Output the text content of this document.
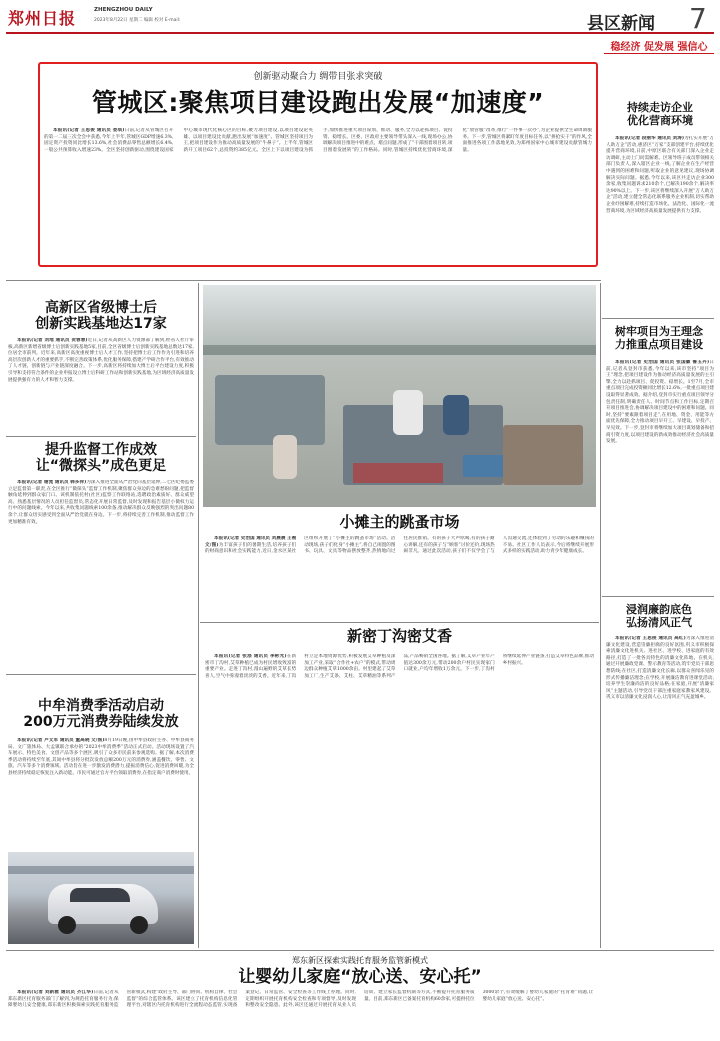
郑州日报	ZHENGZHOU DAILY
2023年8月22日 星期二 编辑 校对 E-mail:	县区新闻 7
创新驱动聚合力 绸带目张求突破
管城区:聚焦项目建设跑出发展“加速度”

本报讯(记者 王思俊 通讯员 娄琪)日前,记者从管城区召开的第一二届三次全会中获悉,今年上半年,管城区GDP增速6.3%,固定资产投资同比增长13.6%,社会消费品零售总额增长6.4%,一般公共预算收入增速23%。全区坚持创新驱动,围绕建设国家中心城市现代化核心区的目标,聚力项目建设,以项目建设论英雄、以项目建设比贡献,跑出发展“加速度”。管城区坚持项目为王,把项目建设作为推动高质量发展的“牛鼻子”。上半年,管城区新开工项目62个,总投资约385亿元。全区上下以项目建设为抓手,加快推进重大项目谋划、推动、服务,全力以赴抓项目、促投资、稳增长。区委、区政府主要领导带头深入一线,现场办公,协调解决项目推进中的难点、堵点问题,形成了“干部围着项目转,项目围着发展转”的工作格局。同时,管城区持续优化营商环境,深化“放管服”改革,推行“一件事一次办”,为企业提供全生命周期服务。下一步,管城区将紧盯年度目标任务,以“拼抢实干”的作风,全面推进各项工作落地见效,为郑州国家中心城市建设贡献管城力量。

稳经济 促发展 强信心
持续走访企业
优化营商环境

本报讯(记者 段丽华 通讯员 刘涛)为扎实开展“万人助万企”活动,惠济区“万家”支部创建平台,持续优化提升营商环境,日前,中原区联合有关部门深入企业走访调研,主动上门问需解难。区领导班子成员带领相关部门负责人,深入辖区企业一线,了解企业在生产经营中遇到的困难和问题,听取企业的意见建议,现场协调解决实际问题。据悉,今年以来,该区共走访企业300余家,收集问题诉求210余个,已解决190余个,解决率达90%以上。下一步,该区将继续深入开展“万人助万企”活动,建立健全常态化联系服务企业机制,切实帮助企业纾困解难,持续打造市场化、法治化、国际化一流营商环境,为区域经济高质量发展提供有力支撑。

高新区省级博士后
创新实践基地达17家

本报讯(记者 刘地 通讯员 贺蓉蓉)近日,记者从高新区人力资源部了解到,经省人社厅审核,高新区新增省级博士后创新实践基地5家,目前,全区省级博士后创新实践基地总数达17家,位居全市前列。近年来,高新区高度重视博士后人才工作,坚持把博士后工作作为引进和培养高层次创新人才的重要抓手,不断完善政策体系,优化服务保障,搭建产学研合作平台,有效推动了人才链、创新链与产业链深度融合。下一步,高新区将持续加大博士后平台建设力度,积极引导和支持符合条件的企业申报设立博士后科研工作站和创新实践基地,为区域经济高质量发展提供强有力的人才和智力支撑。

提升监督工作成效
让“微探头”成色更足

本报讯(记者 谢流 通讯员 韩多萍)为深入推进全面从严治党向基层延伸,二七区纪委监委立足监督第一职责,在全区推行“微探头”监督工作机制,聚焦群众身边的急难愁盼问题,把监督触角延伸到群众家门口。该机制依托村(社区)监察工作联络站,选聘政治素质好、群众威望高、熟悉基层情况的人员担任监督员,常态化开展日常监督,及时发现和报告基层小微权力运行中的问题线索。今年以来,共收集问题线索100余条,推动解决群众反映强烈的突出问题80余个,让群众切实感受到全面从严治党就在身边。下一步,将持续完善工作机制,推动监督工作更加精准有效。

中牟消费季活动启动
200万元消费券陆续发放

本报讯(记者 卢文军 通讯员 董高晓 文/图)8月19日晚,由中牟县政府主办、中牟县商务局、文广旅体局、大孟镇联合承办的“2023中牟消费季”活动正式启动。活动现场设置了汽车展示、特色美食、文创产品等多个展区,吸引了众多市民前来参观选购。据了解,本次消费季活动将持续至年底,其间中牟县将分批次发放总额200万元的消费券,涵盖餐饮、零售、文旅、汽车等多个消费领域。活动旨在进一步激发消费潜力,提振消费信心,促进消费回暖,为全县经济持续稳定恢复注入新动能。市民可通过官方平台领取消费券,在指定商户消费时使用。

小摊主的跳蚤市场

本报讯(记者 史治国 通讯员 刘晨晨 王袖 文/图)为丰富孩子们的暑期生活,培养孩子们的财商意识和社会实践能力,近日,金水区某社区组织开展了“小摊主的跳蚤市场”活动。活动现场,孩子们化身“小摊主”,将自己闲置的图书、玩具、文具等物品摆放整齐,热情地向过往居民推销。有的孩子大声吆喝,有的孩子耐心讲解,还有的孩子与“顾客”讨价还价,现场热闹非凡。通过此次活动,孩子们不仅学会了与人沟通交流,还体验到了劳动的乐趣和赚钱的不易。社区工作人员表示,今后将继续开展形式多样的实践活动,助力青少年健康成长。

新密丁沟密艾香

本报讯(记者 张涤 通讯员 李彬光)在新密市丁沟村,艾草种植已成为村民增收致富的重要产业。走进丁沟村,漫山遍野的艾草长势喜人,空气中弥漫着淡淡的艾香。近年来,丁沟村立足本地资源优势,积极发展艾草种植及深加工产业,采取“合作社+农户”的模式,带动周边群众种植艾草1000余亩。村里建起了艾草加工厂,生产艾条、艾柱、艾草精油等系列产品,产品畅销全国各地。据了解,艾草产业年产值达300余万元,带动200余户村民实现家门口就业,户均年增收1万余元。下一步,丁沟村将继续延伸产业链条,打造艾草特色品牌,推动乡村振兴。

树牢项目为王理念
力推重点项目建设

本报讯(记者 史治国 通讯员 张国徽 鲁玉卉)日前,记者从登封市获悉,今年以来,该市坚持“项目为王”理念,把项目建设作为推动经济高质量发展的主引擎,全力以赴抓项目、促投资、稳增长。1至7月,全市重点项目完成投资额同比增长12.6%,一批重点项目建设取得显著成效。据介绍,登封市实行重点项目领导分包责任制,明确责任人、时间节点和工作目标,定期召开项目推进会,协调解决项目建设中的困难和问题。同时,坚持“要素跟着项目走”,在用地、资金、用能等方面优先保障,全力推动项目早开工、早建设、早投产、早见效。下一步,登封市将继续加大项目谋划储备和招商引资力度,以项目建设的新成效推动经济社会高质量发展。

浸润廉韵底色
弘扬清风正气

本报讯(记者 王思俊 通讯员 高红)为深入推进清廉文化建设,营造崇廉拒腐的良好氛围,巩义市积极探索清廉文化进机关、进社区、进学校、进家庭的有效路径,打造了一批各具特色的清廉文化阵地。在机关,通过开展廉政党课、警示教育等活动,筑牢党员干部思想防线;在社区,打造清廉文化长廊,以群众喜闻乐见的形式传播廉洁理念;在学校,开展廉洁教育进课堂活动,培养学生崇廉尚洁的良好品格;在家庭,开展“清廉家风”主题活动,引导党员干部注重家庭家教家风建设。巩义市以清廉文化浸润人心,让清风正气充盈城乡。

郑东新区探索实践托育服务监管新模式
让婴幼儿家庭“放心送、安心托”

本报讯(记者 刘新雅 通讯员 齐江华)日前,记者从郑东新区托育服务部门了解到,为规范托育服务行为,保障婴幼儿安全健康,郑东新区积极探索实践托育服务监管新模式,构建“政府主导、部门协同、机构自律、社会监督”的综合监管体系。该区建立了托育机构信息化管理平台,对辖区内托育机构进行全流程动态监管,实现备案登记、日常监管、安全检查等工作线上办理。同时,定期组织开展托育机构安全检查和专项督导,及时发现和整改安全隐患。此外,该区还通过开展托育从业人员培训、建立家长监督机制等方式,不断提升托育服务质量。目前,郑东新区已备案托育机构60余家,可提供托位3000余个,有效缓解了婴幼儿家庭的“托育难”问题,让婴幼儿家庭“放心送、安心托”。
